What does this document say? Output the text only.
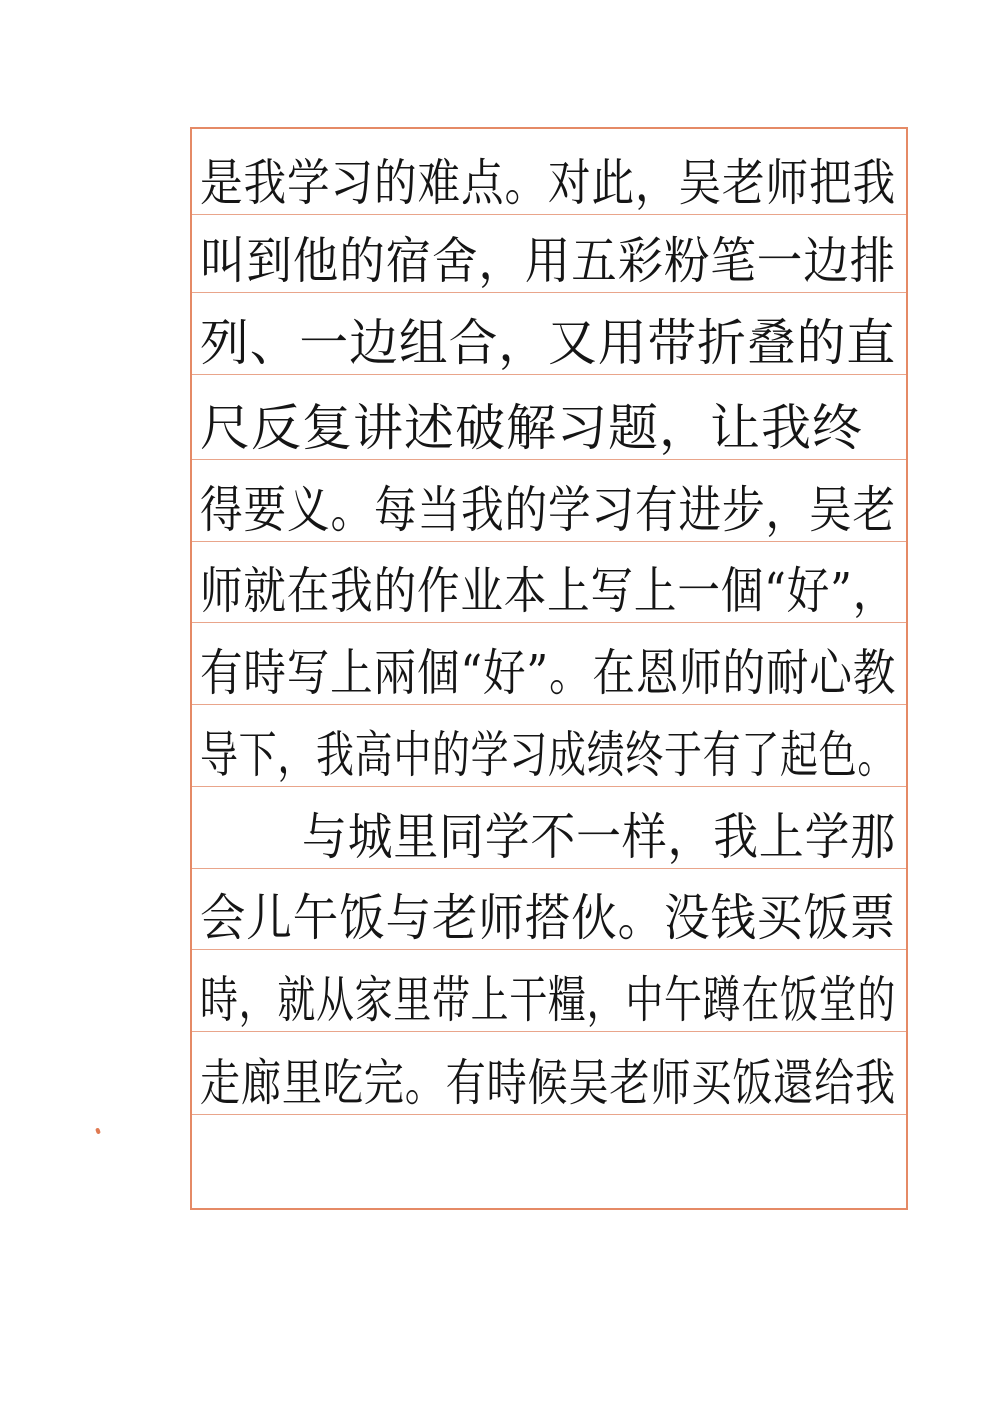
是我学习的难点。对此，吴老师把我
叫到他的宿舍，用五彩粉笔一边排
列、一边组合，又用带折叠的直
尺反复讲述破解习题，让我终
得要义。每当我的学习有进步，吴老
师就在我的作业本上写上一個“好”，
有時写上兩個“好”。在恩师的耐心教
导下，我高中的学习成绩终于有了起色。
与城里同学不一样，我上学那
会儿午饭与老师搭伙。没钱买饭票
時，就从家里带上干糧，中午蹲在饭堂的
走廊里吃完。有時候吴老师买饭還给我
